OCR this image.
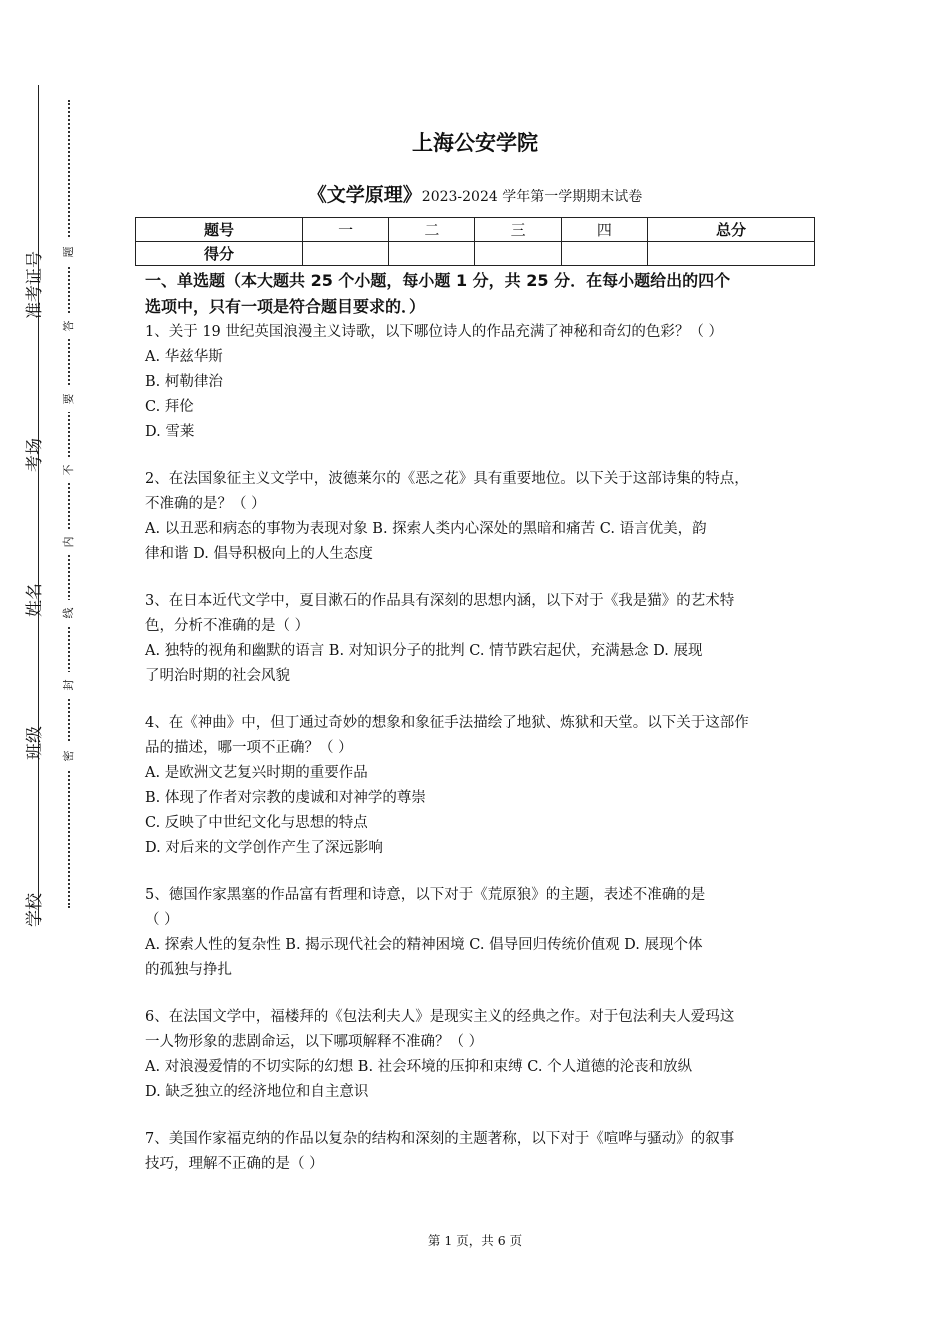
准考证号
考场
姓名
班级
学校
题
答
要
不
内
线
封
密
上海公安学院
《文学原理》2023-2024 学年第一学期期末试卷
题号	一	二	三	四	总分
得分					
一、单选题（本大题共 25 个小题，每小题 1 分，共 25 分．在每小题给出的四个
选项中，只有一项是符合题目要求的．）

1、关于 19 世纪英国浪漫主义诗歌，以下哪位诗人的作品充满了神秘和奇幻的色彩？（ ）

A. 华兹华斯

B. 柯勒律治

C. 拜伦

D. 雪莱

2、在法国象征主义文学中，波德莱尔的《恶之花》具有重要地位。以下关于这部诗集的特点，

不准确的是？（ ）

A. 以丑恶和病态的事物为表现对象 B. 探索人类内心深处的黑暗和痛苦 C. 语言优美，韵

律和谐 D. 倡导积极向上的人生态度

3、在日本近代文学中，夏目漱石的作品具有深刻的思想内涵，以下对于《我是猫》的艺术特

色，分析不准确的是（ ）

A. 独特的视角和幽默的语言 B. 对知识分子的批判 C. 情节跌宕起伏，充满悬念 D. 展现

了明治时期的社会风貌

4、在《神曲》中，但丁通过奇妙的想象和象征手法描绘了地狱、炼狱和天堂。以下关于这部作

品的描述，哪一项不正确？（ ）

A. 是欧洲文艺复兴时期的重要作品

B. 体现了作者对宗教的虔诚和对神学的尊崇

C. 反映了中世纪文化与思想的特点

D. 对后来的文学创作产生了深远影响

5、德国作家黑塞的作品富有哲理和诗意，以下对于《荒原狼》的主题，表述不准确的是

（ ）

A. 探索人性的复杂性 B. 揭示现代社会的精神困境 C. 倡导回归传统价值观 D. 展现个体

的孤独与挣扎

6、在法国文学中，福楼拜的《包法利夫人》是现实主义的经典之作。对于包法利夫人爱玛这

一人物形象的悲剧命运，以下哪项解释不准确？（ ）

A. 对浪漫爱情的不切实际的幻想 B. 社会环境的压抑和束缚 C. 个人道德的沦丧和放纵

D. 缺乏独立的经济地位和自主意识

7、美国作家福克纳的作品以复杂的结构和深刻的主题著称，以下对于《喧哗与骚动》的叙事

技巧，理解不正确的是（ ）

第 1 页，共 6 页
